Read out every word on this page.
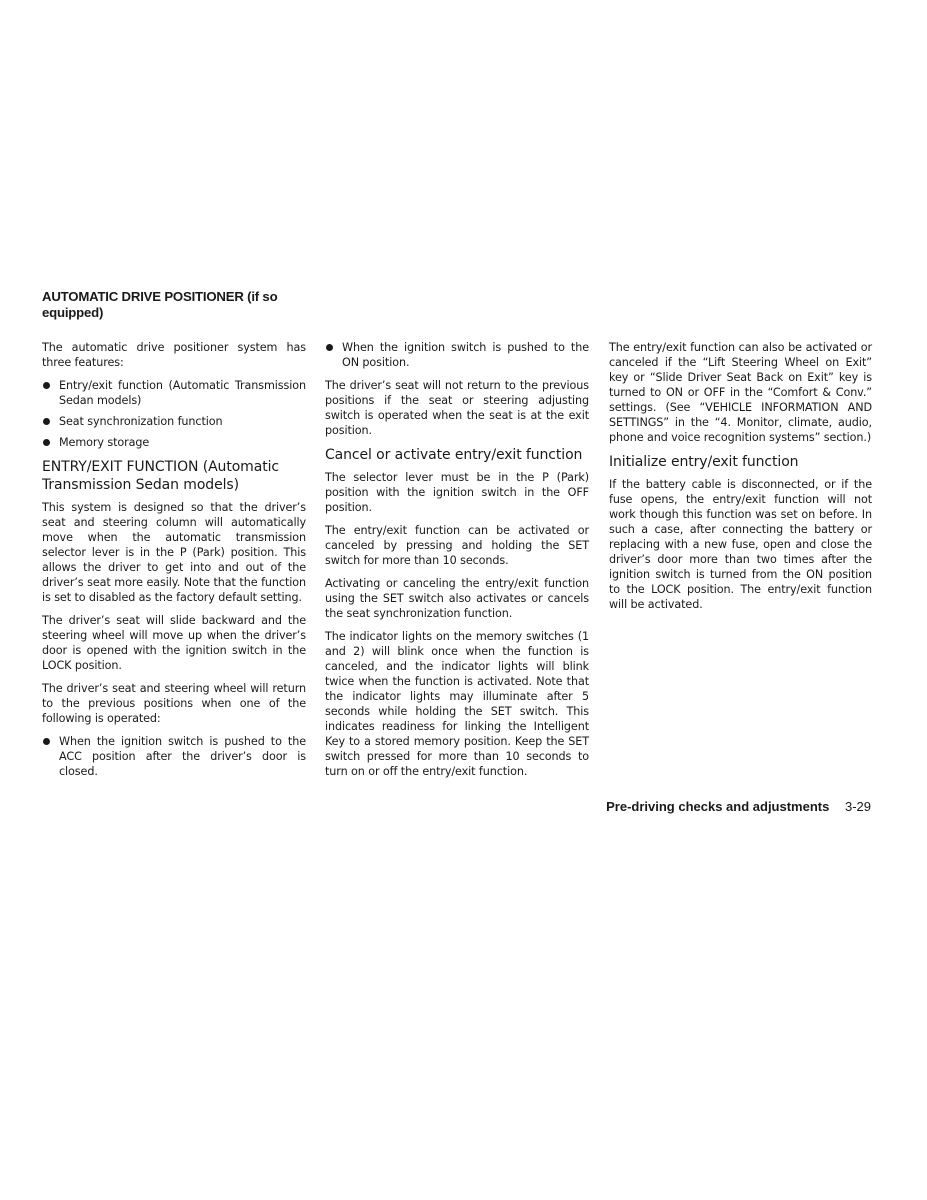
AUTOMATIC DRIVE POSITIONER (if so equipped)

The automatic drive positioner system has three features:

Entry/exit function (Automatic Transmission Sedan models)
Seat synchronization function
Memory storage
ENTRY/EXIT FUNCTION (Automatic Transmission Sedan models)

This system is designed so that the driver’s seat and steering column will automatically move when the automatic transmission selector lever is in the P (Park) position. This allows the driver to get into and out of the driver’s seat more easily. Note that the function is set to disabled as the factory default setting.

The driver’s seat will slide backward and the steering wheel will move up when the driver’s door is opened with the ignition switch in the LOCK position.

The driver’s seat and steering wheel will return to the previous positions when one of the following is operated:

When the ignition switch is pushed to the ACC position after the driver’s door is closed.
When the ignition switch is pushed to the ON position.

The driver’s seat will not return to the previous positions if the seat or steering adjusting switch is operated when the seat is at the exit position.

Cancel or activate entry/exit function

The selector lever must be in the P (Park) position with the ignition switch in the OFF position.

The entry/exit function can be activated or canceled by pressing and holding the SET switch for more than 10 seconds.

Activating or canceling the entry/exit function using the SET switch also activates or cancels the seat synchronization function.

The indicator lights on the memory switches (1 and 2) will blink once when the function is canceled, and the indicator lights will blink twice when the function is activated. Note that the indicator lights may illuminate after 5 seconds while holding the SET switch. This indicates readiness for linking the Intelligent Key to a stored memory position. Keep the SET switch pressed for more than 10 seconds to turn on or off the entry/exit function.

The entry/exit function can also be activated or canceled if the “Lift Steering Wheel on Exit” key or “Slide Driver Seat Back on Exit” key is turned to ON or OFF in the “Comfort & Conv.” settings. (See “VEHICLE INFORMATION AND SETTINGS” in the “4. Monitor, climate, audio, phone and voice recognition systems” section.)

Initialize entry/exit function

If the battery cable is disconnected, or if the fuse opens, the entry/exit function will not work though this function was set on before. In such a case, after connecting the battery or replacing with a new fuse, open and close the driver’s door more than two times after the ignition switch is turned from the ON position to the LOCK position. The entry/exit function will be activated.

Pre-driving checks and adjustments 3-29
